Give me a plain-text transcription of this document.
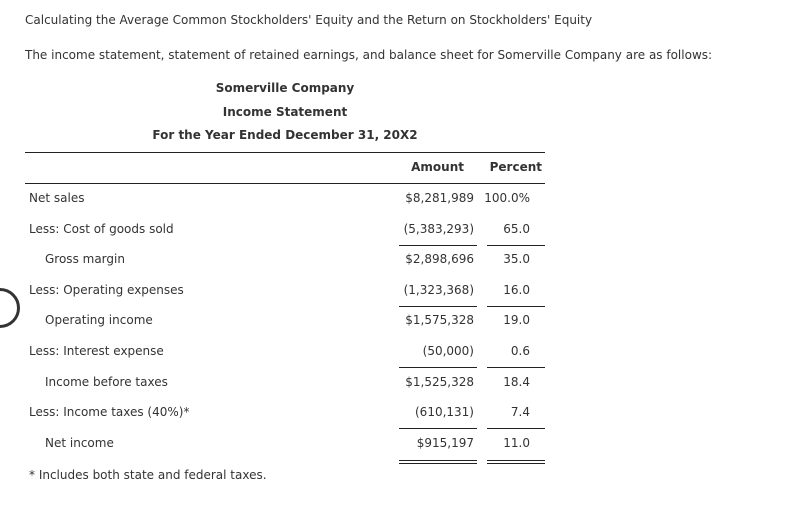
Calculating the Average Common Stockholders' Equity and the Return on Stockholders' Equity
The income statement, statement of retained earnings, and balance sheet for Somerville Company are as follows:
Somerville Company
Income Statement
For the Year Ended December 31, 20X2
Amount Percent
Net sales	$8,281,989 100.0%
Less: Cost of goods sold	(5,383,293) 65.0
Gross margin	$2,898,696 35.0
Less: Operating expenses	(1,323,368) 16.0
Operating income	$1,575,328 19.0
Less: Interest expense	(50,000)	0.6
Income before taxes	$1,525,328 18.4
Less: Income taxes (40%)*	(610,131)	7.4
Net income	$915,197 11.0
* Includes both state and federal taxes.
